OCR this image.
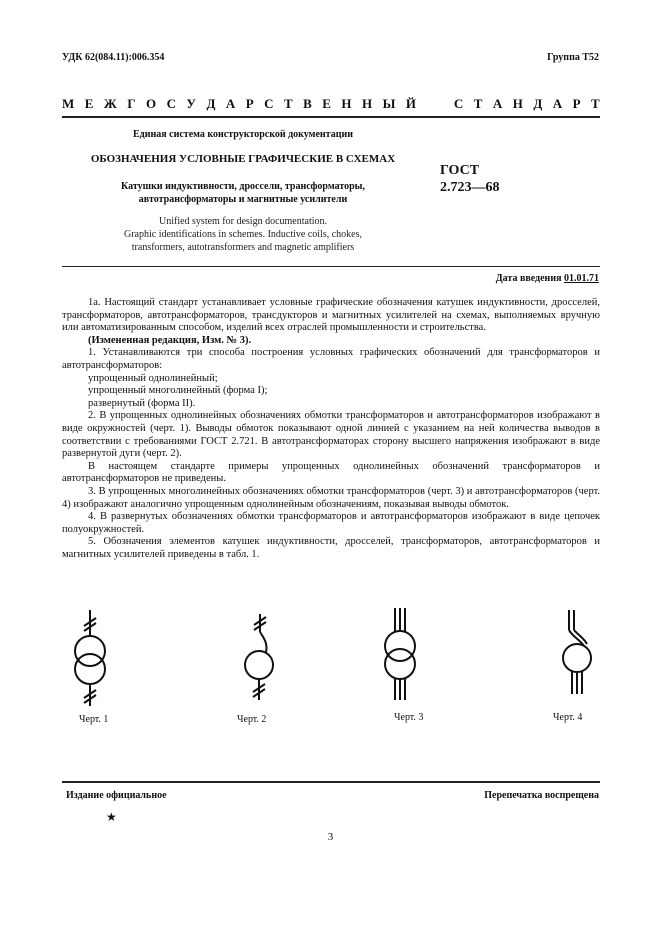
УДК 62(084.11):006.354	Группа Т52
М Е Ж Г О С У Д А Р С Т В Е Н Н Ы Й

	С Т А Н Д А Р Т
Единая система конструкторской документации
ОБОЗНАЧЕНИЯ УСЛОВНЫЕ ГРАФИЧЕСКИЕ В СХЕМАХ
Катушки индуктивности, дроссели, трансформаторы,
автотрансформаторы и магнитные усилители
ГОСТ
2.723—68
Unified system for design documentation.
Graphic identifications in schemes. Inductive coils, chokes,
transformers, autotransformers and magnetic amplifiers
Дата введения 01.01.71

1а. Настоящий стандарт устанавливает условные графические обозначения катушек индуктивности, дросселей, трансформаторов, автотрансформаторов, трансдукторов и магнитных усилителей на схемах, выполняемых вручную или автоматизированным способом, изделий всех отраслей промышленности и строительства.

(Измененная редакция, Изм. № 3).

1. Устанавливаются три способа построения условных графических обозначений для трансформаторов и автотрансформаторов:

упрощенный однолинейный;

упрощенный многолинейный (форма I);

развернутый (форма II).

2. В упрощенных однолинейных обозначениях обмотки трансформаторов и автотрансформаторов изображают в виде окружностей (черт. 1). Выводы обмоток показывают одной линией с указанием на ней количества выводов в соответствии с требованиями ГОСТ 2.721. В автотрансформаторах сторону высшего напряжения изображают в виде развернутой дуги (черт. 2).

В настоящем стандарте примеры упрощенных однолинейных обозначений трансформаторов и автотрансформаторов не приведены.

3. В упрощенных многолинейных обозначениях обмотки трансформаторов (черт. 3) и автотрансформаторов (черт. 4) изображают аналогично упрощенным однолинейным обозначениям, показывая выводы обмоток.

4. В развернутых обозначениях обмотки трансформаторов и автотрансформаторов изображают в виде цепочек полуокружностей.

5. Обозначения элементов катушек индуктивности, дросселей, трансформаторов, автотрансформаторов и магнитных усилителей приведены в табл. 1.

Черт. 1	Черт. 2	Черт. 3	Черт. 4
Издание официальное	Перепечатка воспрещена
★
3
